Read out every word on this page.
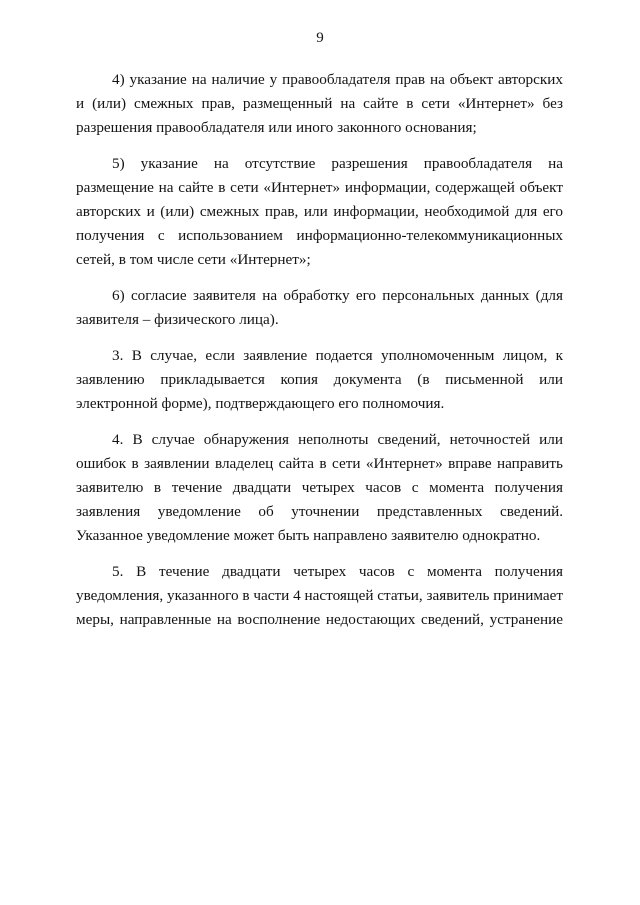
9
4) указание на наличие у правообладателя прав на объект авторских
и (или) смежных прав, размещенный на сайте в сети «Интернет» без
разрешения правообладателя или иного законного основания;
5) указание на отсутствие разрешения правообладателя на
размещение на сайте в сети «Интернет» информации, содержащей объект
авторских и (или) смежных прав, или информации, необходимой для его
получения с использованием информационно-телекоммуникационных
сетей, в том числе сети «Интернет»;
6) согласие заявителя на обработку его персональных данных (для
заявителя – физического лица).
3. В случае, если заявление подается уполномоченным лицом, к
заявлению прикладывается копия документа (в письменной или
электронной форме), подтверждающего его полномочия.
4. В случае обнаружения неполноты сведений, неточностей или
ошибок в заявлении владелец сайта в сети «Интернет» вправе направить
заявителю в течение двадцати четырех часов с момента получения
заявления уведомление об уточнении представленных сведений.
Указанное уведомление может быть направлено заявителю однократно.
5. В течение двадцати четырех часов с момента получения
уведомления, указанного в части 4 настоящей статьи, заявитель принимает
меры, направленные на восполнение недостающих сведений, устранение
